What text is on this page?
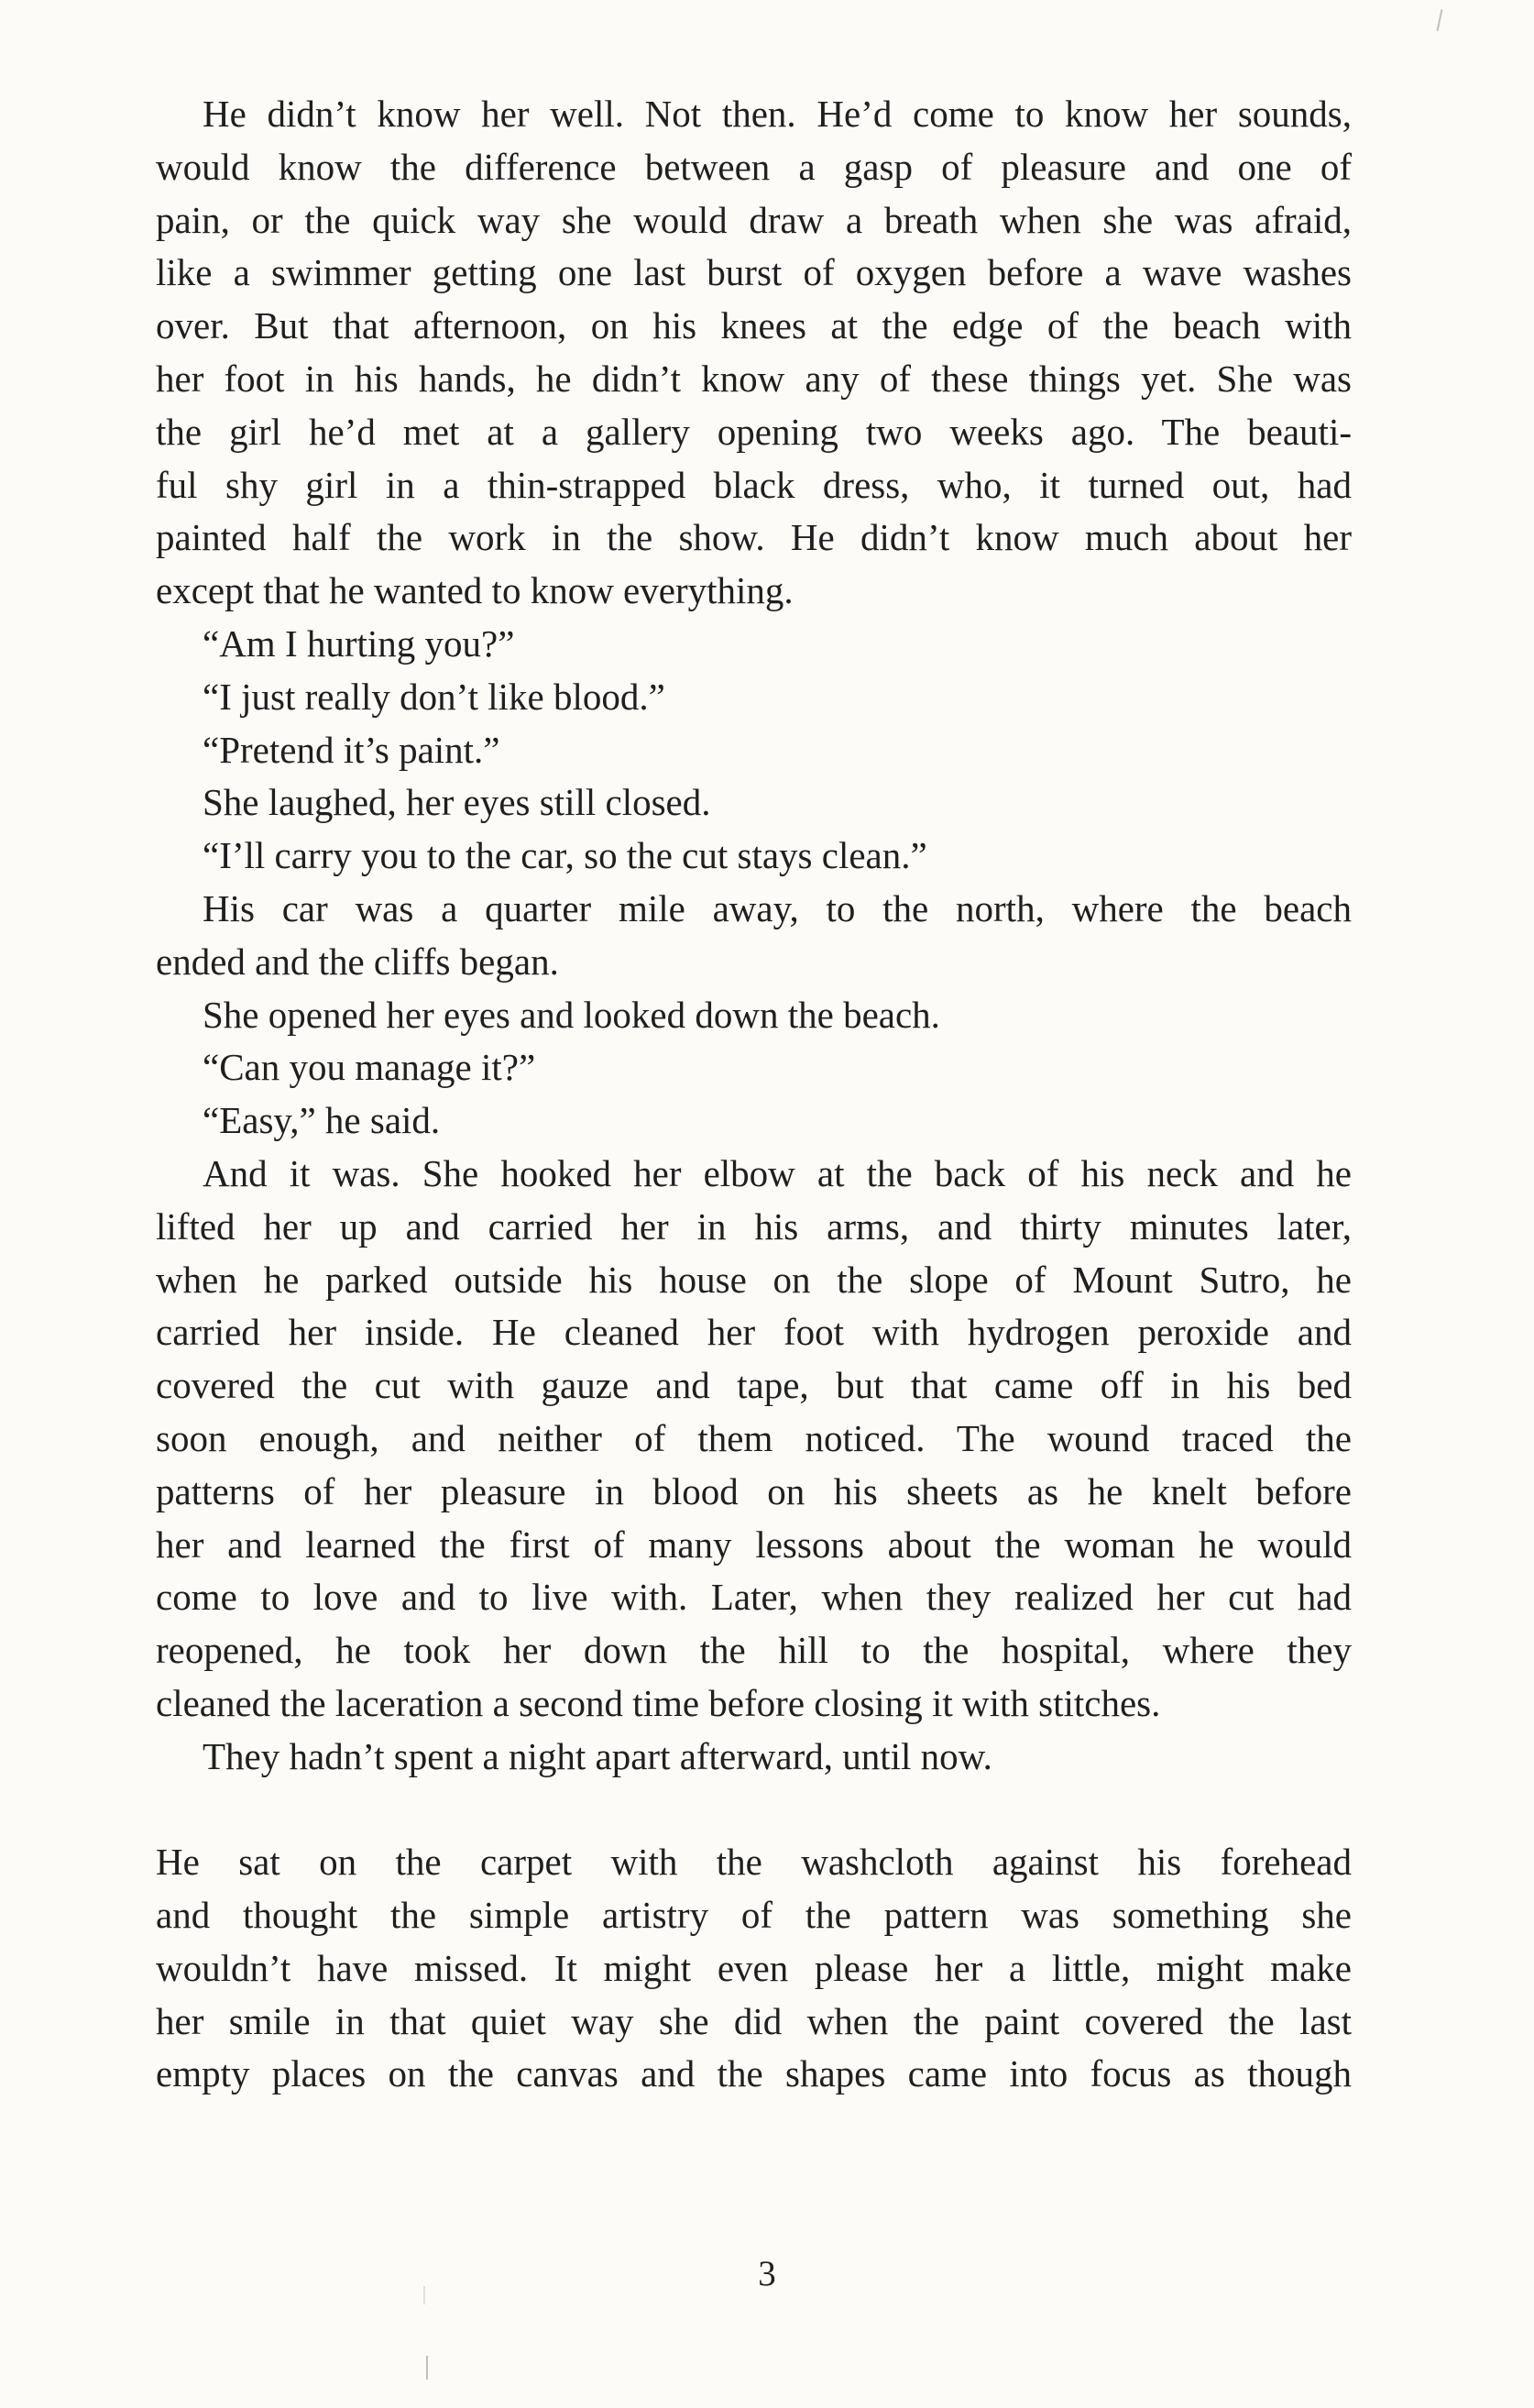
He didn’t know her well. Not then. He’d come to know her sounds,
would know the difference between a gasp of pleasure and one of
pain, or the quick way she would draw a breath when she was afraid,
like a swimmer getting one last burst of oxygen before a wave washes
over. But that afternoon, on his knees at the edge of the beach with
her foot in his hands, he didn’t know any of these things yet. She was
the girl he’d met at a gallery opening two weeks ago. The beauti-
ful shy girl in a thin-strapped black dress, who, it turned out, had
painted half the work in the show. He didn’t know much about her
except that he wanted to know everything.
“Am I hurting you?”
“I just really don’t like blood.”
“Pretend it’s paint.”
She laughed, her eyes still closed.
“I’ll carry you to the car, so the cut stays clean.”
His car was a quarter mile away, to the north, where the beach
ended and the cliffs began.
She opened her eyes and looked down the beach.
“Can you manage it?”
“Easy,” he said.
And it was. She hooked her elbow at the back of his neck and he
lifted her up and carried her in his arms, and thirty minutes later,
when he parked outside his house on the slope of Mount Sutro, he
carried her inside. He cleaned her foot with hydrogen peroxide and
covered the cut with gauze and tape, but that came off in his bed
soon enough, and neither of them noticed. The wound traced the
patterns of her pleasure in blood on his sheets as he knelt before
her and learned the first of many lessons about the woman he would
come to love and to live with. Later, when they realized her cut had
reopened, he took her down the hill to the hospital, where they
cleaned the laceration a second time before closing it with stitches.
They hadn’t spent a night apart afterward, until now.
He sat on the carpet with the washcloth against his forehead
and thought the simple artistry of the pattern was something she
wouldn’t have missed. It might even please her a little, might make
her smile in that quiet way she did when the paint covered the last
empty places on the canvas and the shapes came into focus as though
3
